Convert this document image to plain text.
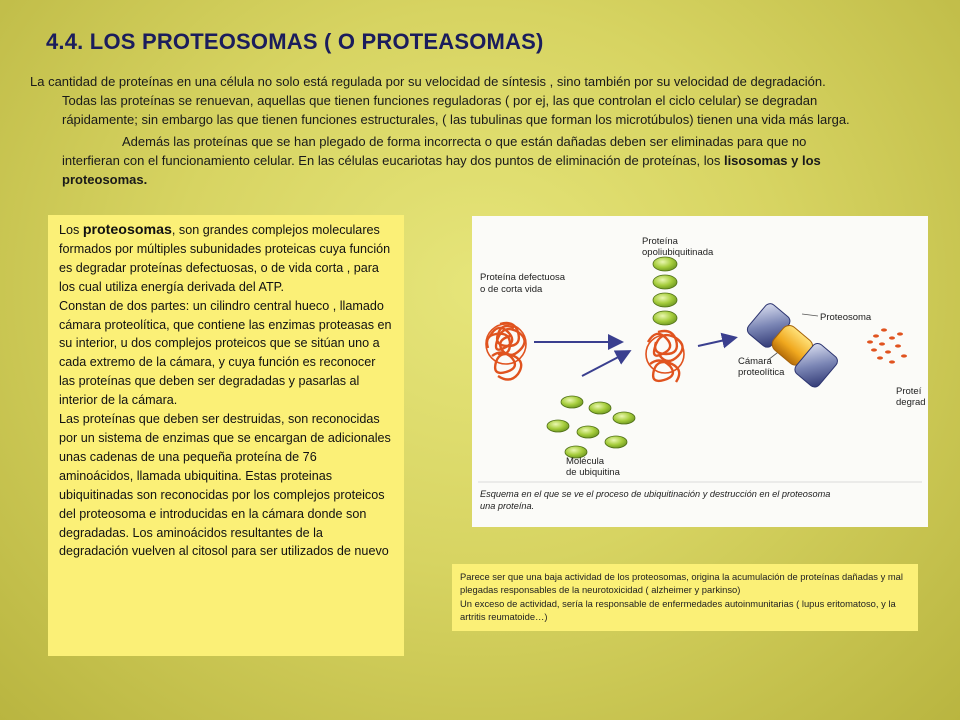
4.4. LOS PROTEOSOMAS ( O PROTEASOMAS)

La cantidad de proteínas en una célula no solo está regulada por su velocidad de síntesis , sino también por su velocidad de degradación. Todas las proteínas se renuevan, aquellas que tienen funciones reguladoras ( por ej, las que controlan el ciclo celular) se degradan rápidamente; sin embargo las que tienen funciones estructurales, ( las tubulinas que forman los microtúbulos) tienen una vida más larga.

Además las proteínas que se han plegado de forma incorrecta o que están dañadas deben ser eliminadas para que no interfieran con el funcionamiento celular. En las células eucariotas hay dos puntos de eliminación de proteínas, los lisosomas y los proteosomas.

Los proteosomas, son grandes complejos moleculares formados por múltiples subunidades proteicas cuya función es degradar proteínas defectuosas, o de vida corta , para los cual utiliza energía derivada del ATP.
Constan de dos partes: un cilindro central hueco , llamado cámara proteolítica, que contiene las enzimas proteasas en su interior, u dos complejos proteicos que se sitúan uno a cada extremo de la cámara, y cuya función es reconocer las proteínas que deben ser degradadas y pasarlas al interior de la cámara.
Las proteínas que deben ser destruidas, son reconocidas por un sistema de enzimas que se encargan de adicionales unas cadenas de una pequeña proteína de 76 aminoácidos, llamada ubiquitina. Estas proteinas ubiquitinadas son reconocidas por los complejos proteicos del proteosoma e introducidas en la cámara donde son degradadas. Los aminoácidos resultantes de la degradación vuelven al citosol para ser utilizados de nuevo
Proteína defectuosa
o de corta vida
Proteína
opoliubiquitinada
Molécula
de ubiquitina
Cámara
proteolítica
Proteosoma
Proteí
degrad
Esquema en el que se ve el proceso de ubiquitinación y destrucción en el proteosoma
una proteína.
Parece ser que una baja actividad de los proteosomas, origina la acumulación de proteínas dañadas y mal plegadas responsables de la neurotoxicidad ( alzheimer y parkinso)
Un exceso de actividad, sería la responsable de enfermedades autoinmunitarias ( lupus eritomatoso, y la artritis reumatoide…)
